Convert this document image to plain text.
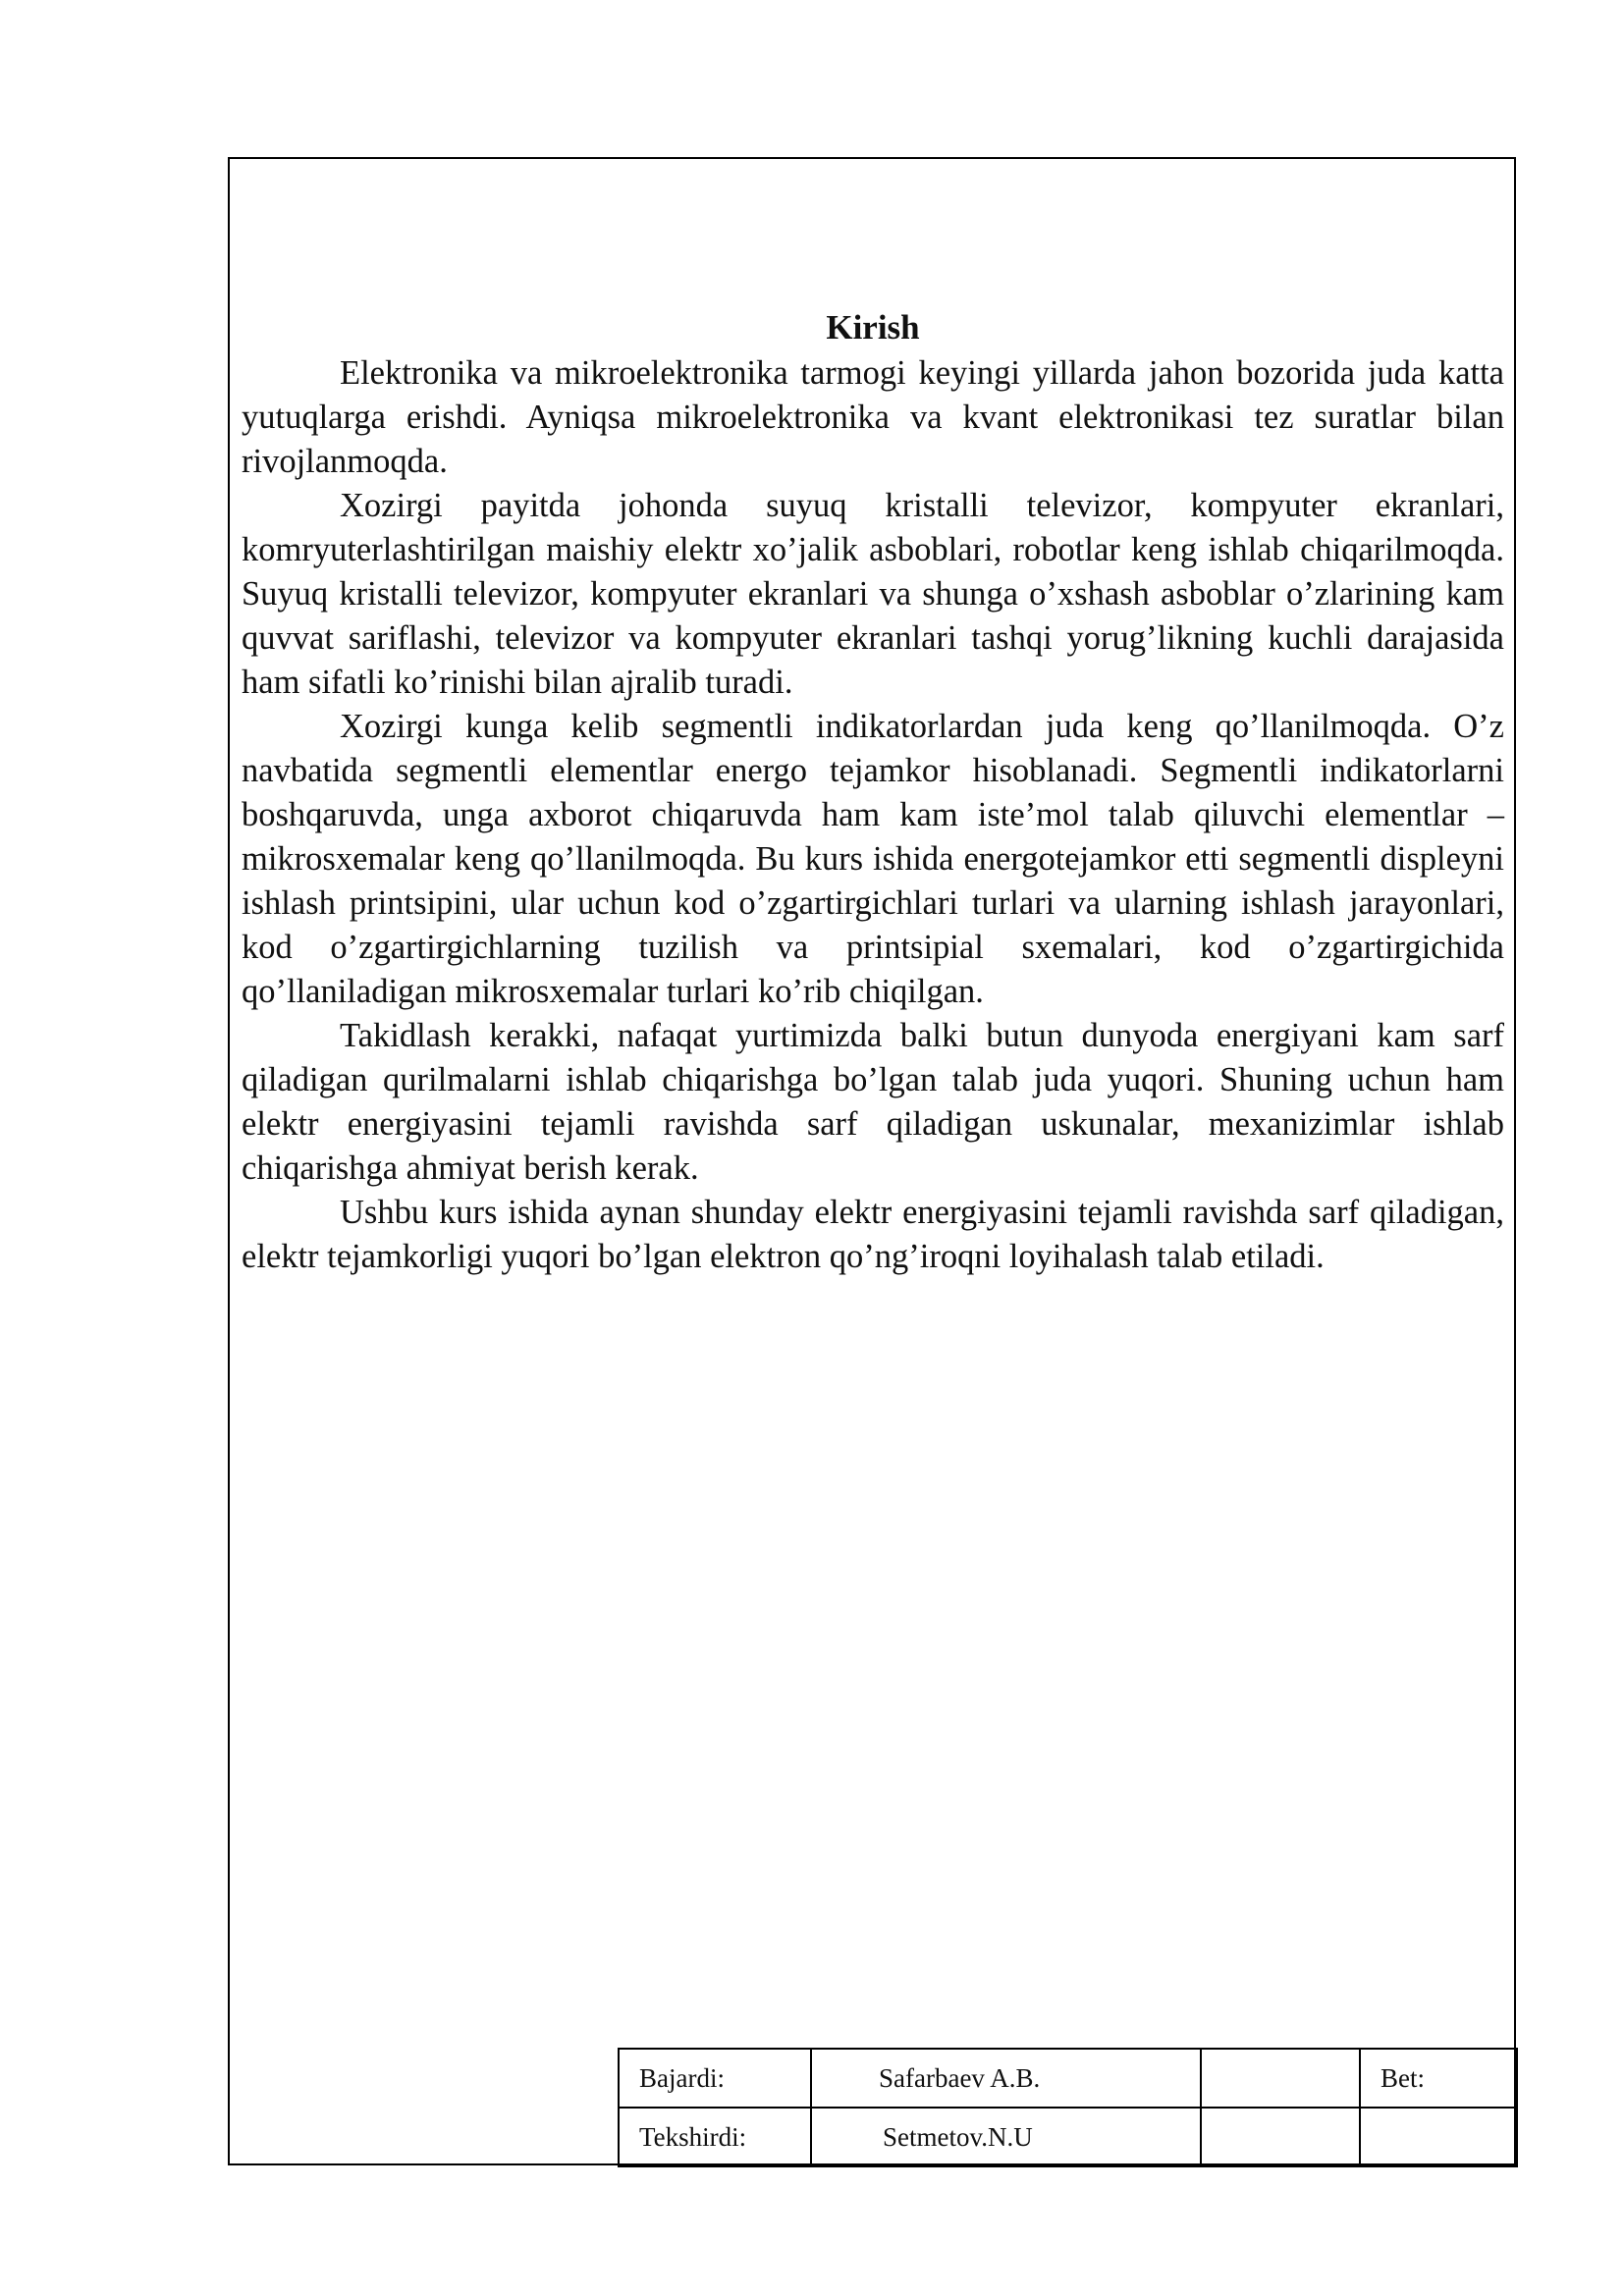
Kirish

Elektronika va mikroelektronika tarmogi keyingi yillarda jahon bozorida juda katta yutuqlarga erishdi. Ayniqsa mikroelektronika va kvant elektronikasi tez suratlar bilan rivojlanmoqda.

Xozirgi payitda johonda suyuq kristalli televizor, kompyuter ekranlari, komryuterlashtirilgan maishiy elektr xo’jalik asboblari, robotlar keng ishlab chiqarilmoqda. Suyuq kristalli televizor, kompyuter ekranlari va shunga o’xshash asboblar o’zlarining kam quvvat sariflashi, televizor va kompyuter ekranlari tashqi yorug’likning kuchli darajasida ham sifatli ko’rinishi bilan ajralib turadi.

Xozirgi kunga kelib segmentli indikatorlardan juda keng qo’llanilmoqda. O’z navbatida segmentli elementlar energo tejamkor hisoblanadi. Segmentli indikatorlarni boshqaruvda, unga axborot chiqaruvda ham kam iste’mol talab qiluvchi elementlar – mikrosxemalar keng qo’llanilmoqda. Bu kurs ishida energotejamkor etti segmentli displeyni ishlash printsipini, ular uchun kod o’zgartirgichlari turlari va ularning ishlash jarayonlari, kod o’zgartirgichlarning tuzilish va printsipial sxemalari, kod o’zgartirgichida qo’llaniladigan mikrosxemalar turlari ko’rib chiqilgan.

Takidlash kerakki, nafaqat yurtimizda balki butun dunyoda energiyani kam sarf qiladigan qurilmalarni ishlab chiqarishga bo’lgan talab juda yuqori. Shuning uchun ham elektr energiyasini tejamli ravishda sarf qiladigan uskunalar, mexanizimlar ishlab chiqarishga ahmiyat berish kerak.

Ushbu kurs ishida aynan shunday elektr energiyasini tejamli ravishda sarf qiladigan, elektr tejamkorligi yuqori bo’lgan elektron qo’ng’iroqni loyihalash talab etiladi.

Bajardi:	Safarbaev A.B.		Bet:
Tekshirdi:	Setmetov.N.U		
